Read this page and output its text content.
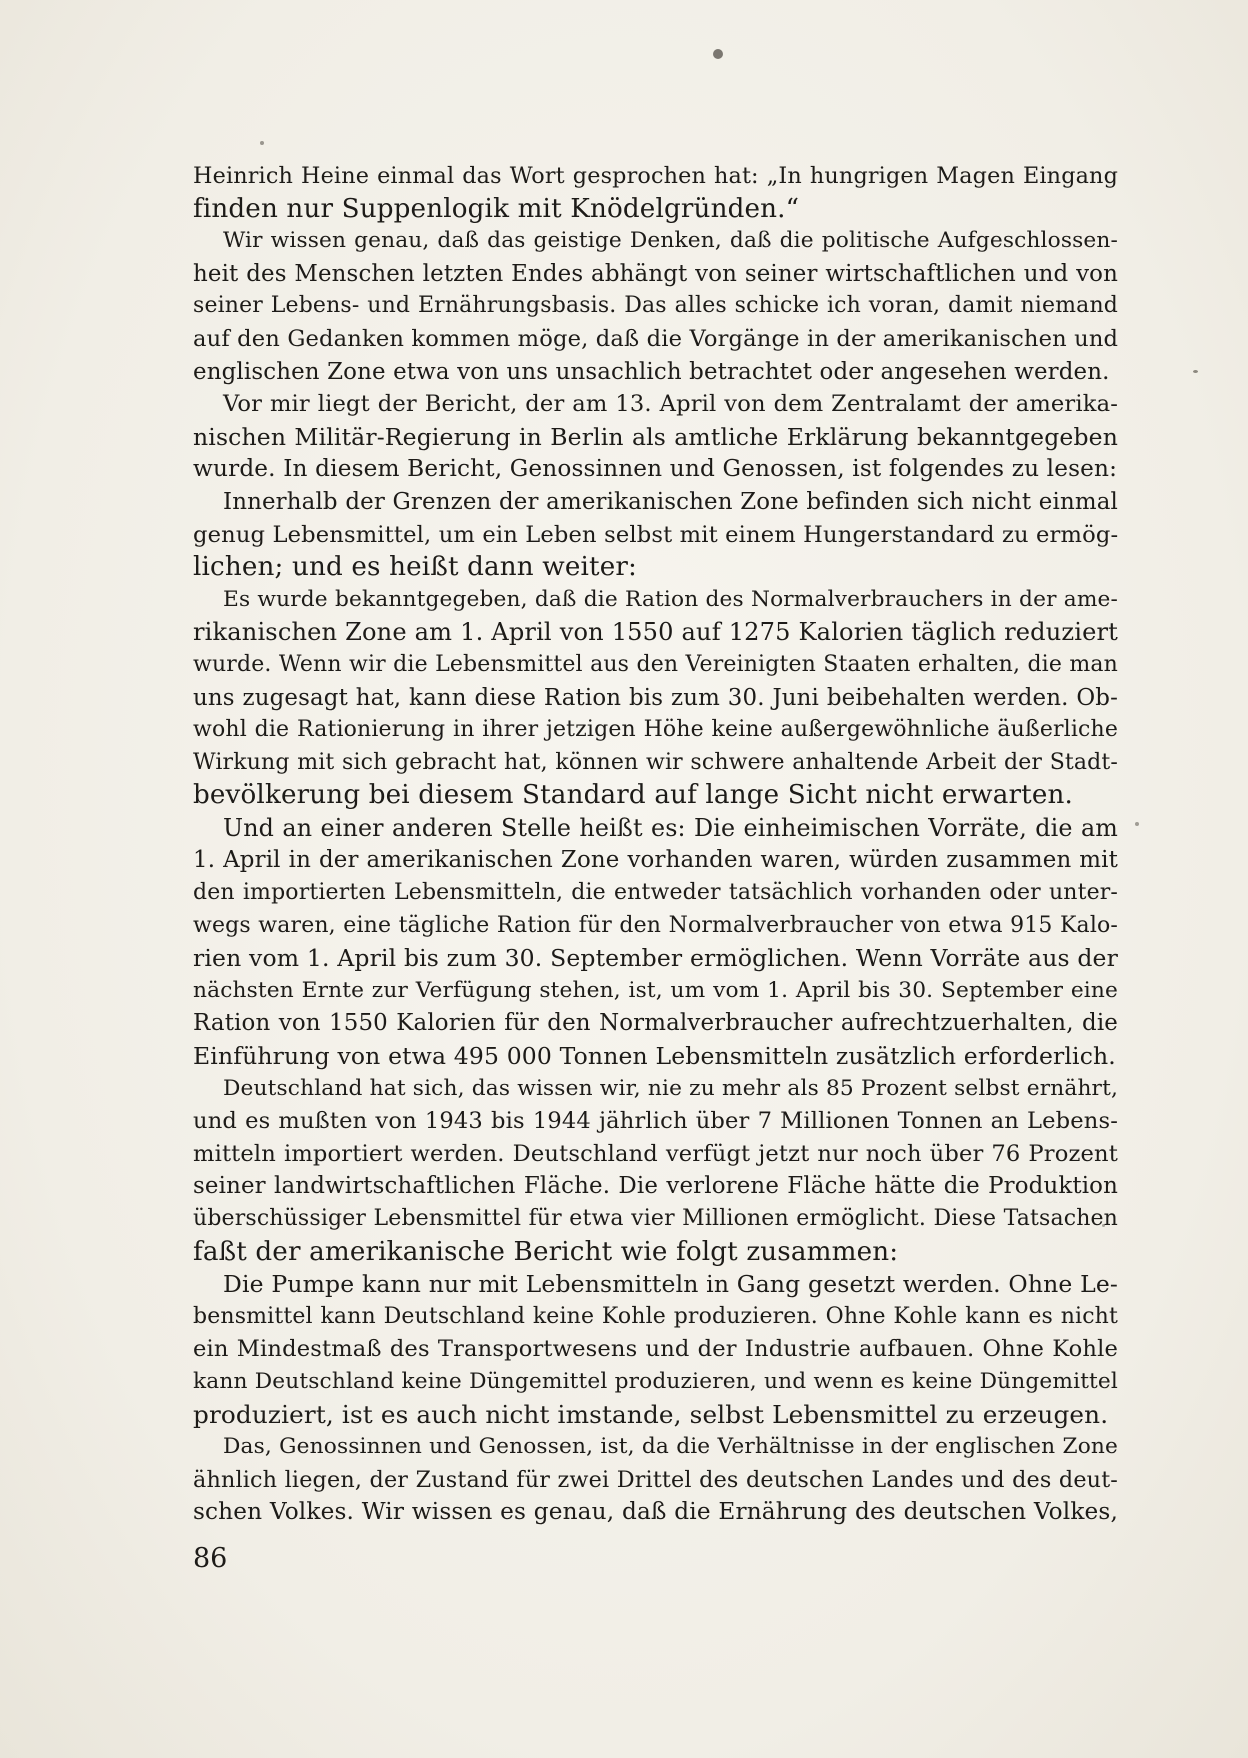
Heinrich Heine einmal das Wort gesprochen hat: „In hungrigen Magen Eingang
finden nur Suppenlogik mit Knödelgründen.“
Wir wissen genau, daß das geistige Denken, daß die politische Aufgeschlossen-
heit des Menschen letzten Endes abhängt von seiner wirtschaftlichen und von
seiner Lebens- und Ernährungsbasis. Das alles schicke ich voran, damit niemand
auf den Gedanken kommen möge, daß die Vorgänge in der amerikanischen und
englischen Zone etwa von uns unsachlich betrachtet oder angesehen werden.
Vor mir liegt der Bericht, der am 13. April von dem Zentralamt der amerika-
nischen Militär-Regierung in Berlin als amtliche Erklärung bekanntgegeben
wurde. In diesem Bericht, Genossinnen und Genossen, ist folgendes zu lesen:
Innerhalb der Grenzen der amerikanischen Zone befinden sich nicht einmal
genug Lebensmittel, um ein Leben selbst mit einem Hungerstandard zu ermög-
lichen; und es heißt dann weiter:
Es wurde bekanntgegeben, daß die Ration des Normalverbrauchers in der ame-
rikanischen Zone am 1. April von 1550 auf 1275 Kalorien täglich reduziert
wurde. Wenn wir die Lebensmittel aus den Vereinigten Staaten erhalten, die man
uns zugesagt hat, kann diese Ration bis zum 30. Juni beibehalten werden. Ob-
wohl die Rationierung in ihrer jetzigen Höhe keine außergewöhnliche äußerliche
Wirkung mit sich gebracht hat, können wir schwere anhaltende Arbeit der Stadt-
bevölkerung bei diesem Standard auf lange Sicht nicht erwarten.
Und an einer anderen Stelle heißt es: Die einheimischen Vorräte, die am
1. April in der amerikanischen Zone vorhanden waren, würden zusammen mit
den importierten Lebensmitteln, die entweder tatsächlich vorhanden oder unter-
wegs waren, eine tägliche Ration für den Normalverbraucher von etwa 915 Kalo-
rien vom 1. April bis zum 30. September ermöglichen. Wenn Vorräte aus der
nächsten Ernte zur Verfügung stehen, ist, um vom 1. April bis 30. September eine
Ration von 1550 Kalorien für den Normalverbraucher aufrechtzuerhalten, die
Einführung von etwa 495 000 Tonnen Lebensmitteln zusätzlich erforderlich.
Deutschland hat sich, das wissen wir, nie zu mehr als 85 Prozent selbst ernährt,
und es mußten von 1943 bis 1944 jährlich über 7 Millionen Tonnen an Lebens-
mitteln importiert werden. Deutschland verfügt jetzt nur noch über 76 Prozent
seiner landwirtschaftlichen Fläche. Die verlorene Fläche hätte die Produktion
überschüssiger Lebensmittel für etwa vier Millionen ermöglicht. Diese Tatsachen
faßt der amerikanische Bericht wie folgt zusammen:
Die Pumpe kann nur mit Lebensmitteln in Gang gesetzt werden. Ohne Le-
bensmittel kann Deutschland keine Kohle produzieren. Ohne Kohle kann es nicht
ein Mindestmaß des Transportwesens und der Industrie aufbauen. Ohne Kohle
kann Deutschland keine Düngemittel produzieren, und wenn es keine Düngemittel
produziert, ist es auch nicht imstande, selbst Lebensmittel zu erzeugen.
Das, Genossinnen und Genossen, ist, da die Verhältnisse in der englischen Zone
ähnlich liegen, der Zustand für zwei Drittel des deutschen Landes und des deut-
schen Volkes. Wir wissen es genau, daß die Ernährung des deutschen Volkes,
86
